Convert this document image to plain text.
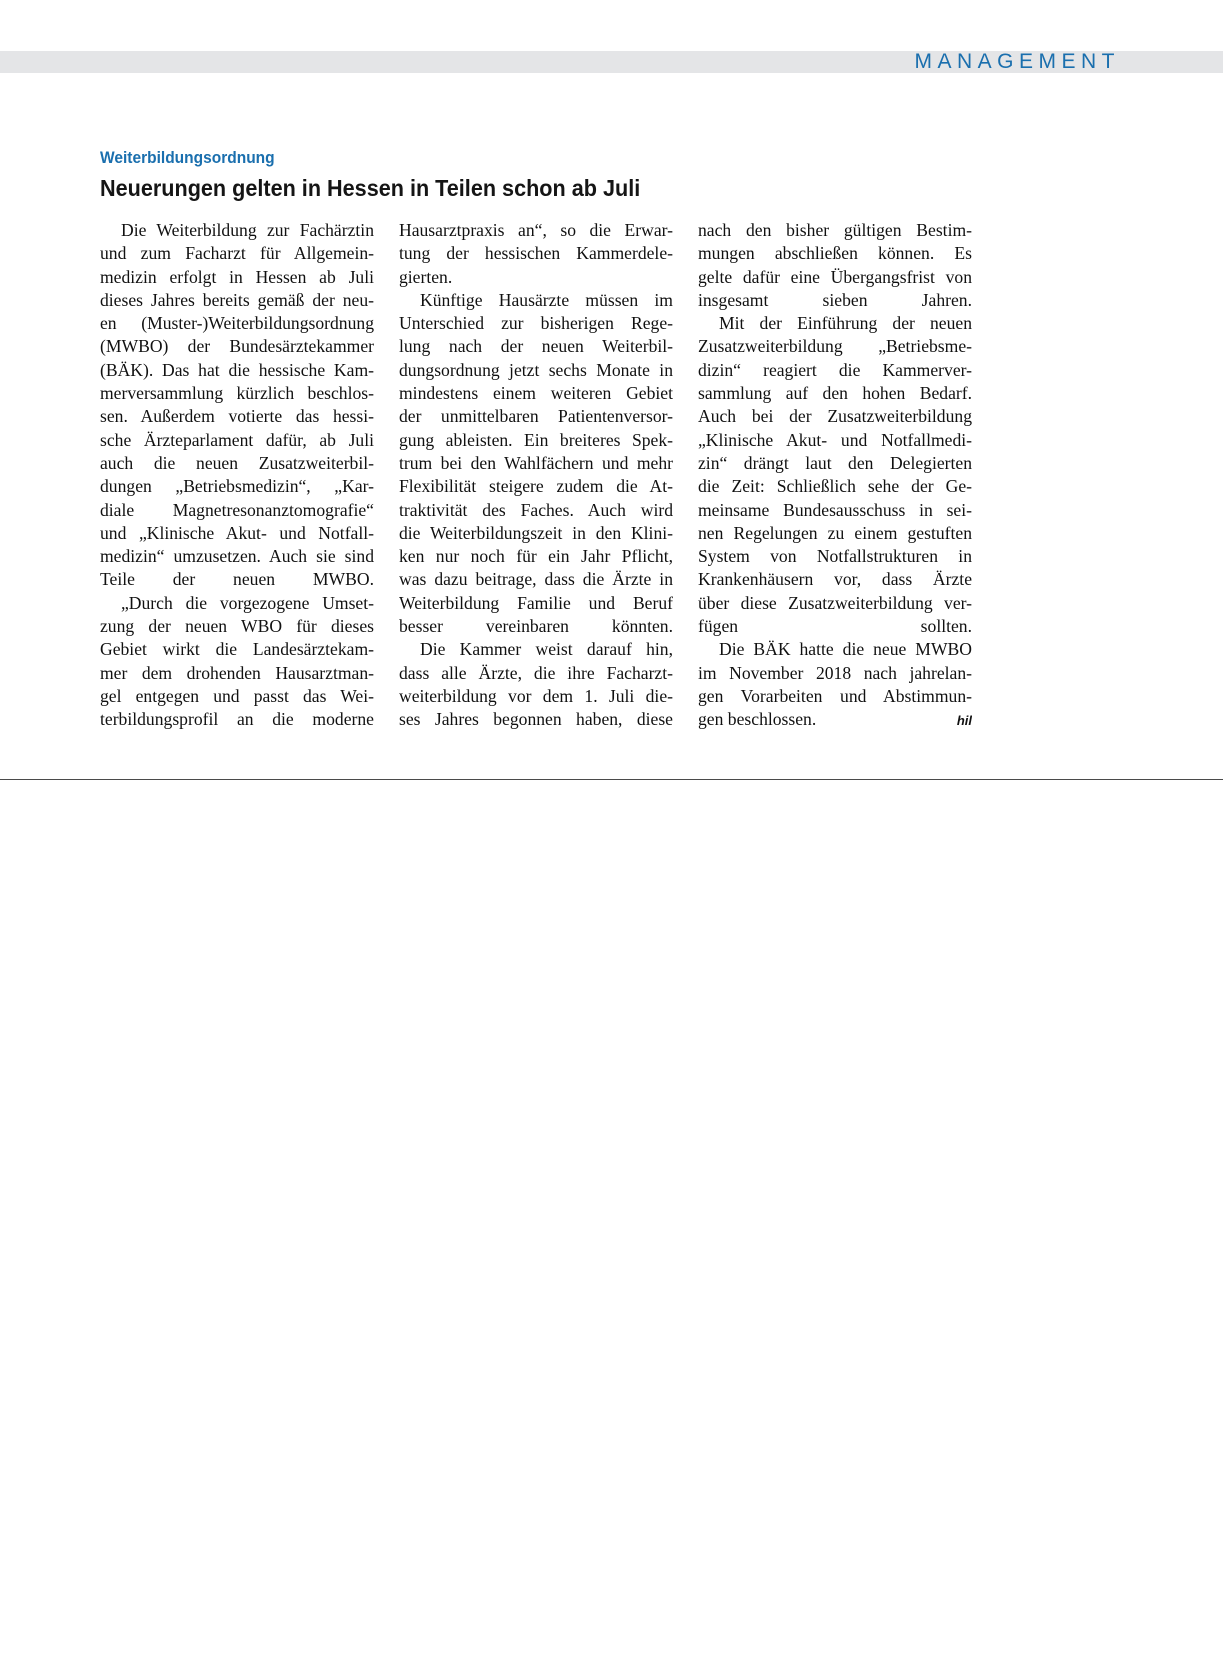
MANAGEMENT
Weiterbildungsordnung
Neuerungen gelten in Hessen in Teilen schon ab Juli
Die Weiterbildung zur Fachärztin
und zum Facharzt für Allgemein-
medizin erfolgt in Hessen ab Juli
dieses Jahres bereits gemäß der neu-
en (Muster-)Weiterbildungsordnung
(MWBO) der Bundesärztekammer
(BÄK). Das hat die hessische Kam-
merversammlung kürzlich beschlos-
sen. Außerdem votierte das hessi-
sche Ärzteparlament dafür, ab Juli
auch die neuen Zusatzweiterbil-
dungen „Betriebsmedizin“, „Kar-
diale Magnetresonanztomografie“
und „Klinische Akut- und Notfall-
medizin“ umzusetzen. Auch sie sind
Teile der neuen MWBO.
„Durch die vorgezogene Umset-
zung der neuen WBO für dieses
Gebiet wirkt die Landesärztekam-
mer dem drohenden Hausarztman-
gel entgegen und passt das Wei-
terbildungsprofil an die moderne
Hausarztpraxis an“, so die Erwar-
tung der hessischen Kammerdele-
gierten.
Künftige Hausärzte müssen im
Unterschied zur bisherigen Rege-
lung nach der neuen Weiterbil-
dungsordnung jetzt sechs Monate in
mindestens einem weiteren Gebiet
der unmittelbaren Patientenversor-
gung ableisten. Ein breiteres Spek-
trum bei den Wahlfächern und mehr
Flexibilität steigere zudem die At-
traktivität des Faches. Auch wird
die Weiterbildungszeit in den Klini-
ken nur noch für ein Jahr Pflicht,
was dazu beitrage, dass die Ärzte in
Weiterbildung Familie und Beruf
besser vereinbaren könnten.
Die Kammer weist darauf hin,
dass alle Ärzte, die ihre Facharzt-
weiterbildung vor dem 1. Juli die-
ses Jahres begonnen haben, diese
nach den bisher gültigen Bestim-
mungen abschließen können. Es
gelte dafür eine Übergangsfrist von
insgesamt sieben Jahren.
Mit der Einführung der neuen
Zusatzweiterbildung „Betriebsme-
dizin“ reagiert die Kammerver-
sammlung auf den hohen Bedarf.
Auch bei der Zusatzweiterbildung
„Klinische Akut- und Notfallmedi-
zin“ drängt laut den Delegierten
die Zeit: Schließlich sehe der Ge-
meinsame Bundesausschuss in sei-
nen Regelungen zu einem gestuften
System von Notfallstrukturen in
Krankenhäusern vor, dass Ärzte
über diese Zusatzweiterbildung ver-
fügen sollten.
Die BÄK hatte die neue MWBO
im November 2018 nach jahrelan-
gen Vorarbeiten und Abstimmun-
gen beschlossen.	hil
